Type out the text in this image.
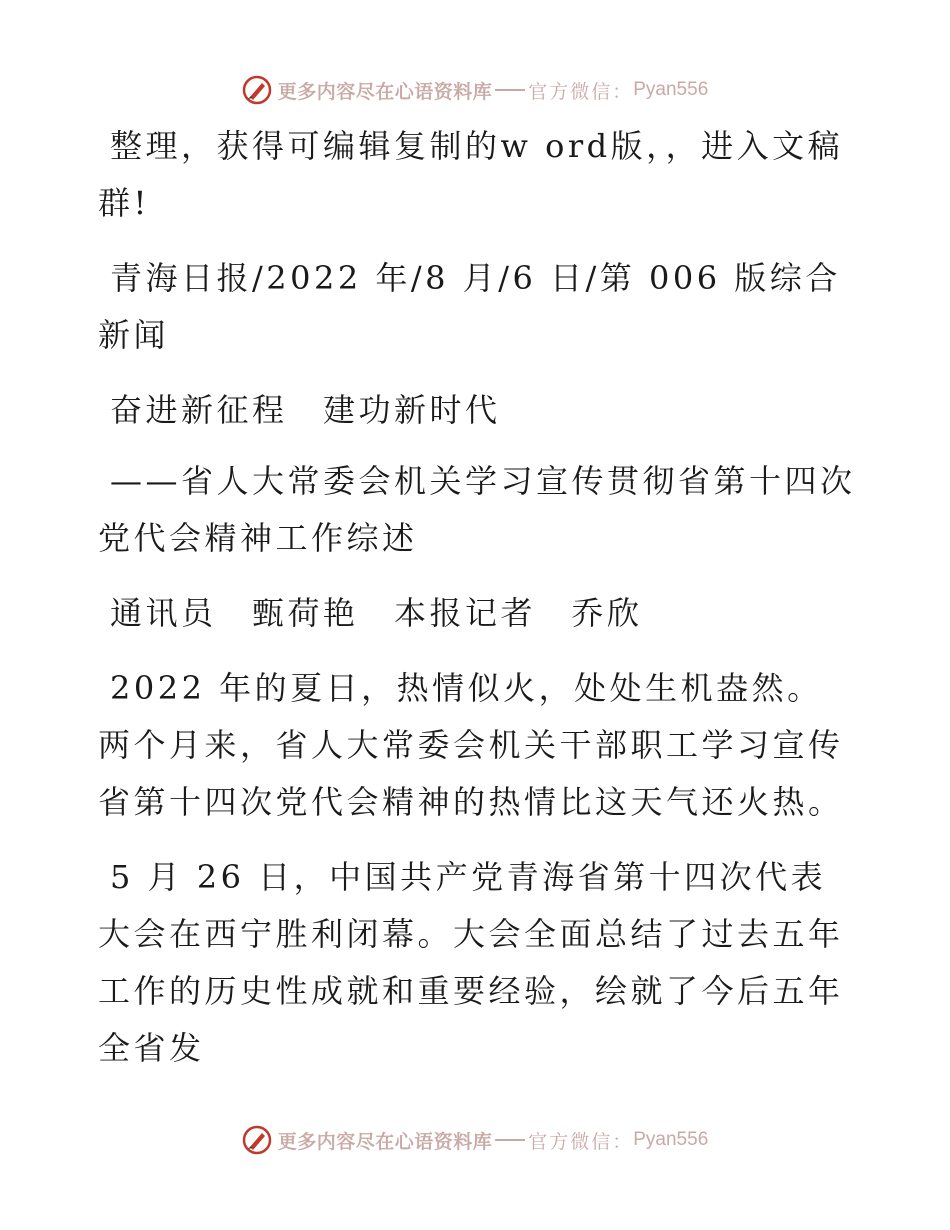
更多内容尽在心语资料库 官方微信： Pyan556

整理，获得可编辑复制的w ord版，，进入文稿群!

青海日报/2022 年/8 月/6 日/第 006 版综合新闻

奋进新征程　建功新时代

——省人大常委会机关学习宣传贯彻省第十四次党代会精神工作综述

通讯员　甄荷艳　本报记者　乔欣

2022 年的夏日，热情似火，处处生机盎然。两个月来，省人大常委会机关干部职工学习宣传省第十四次党代会精神的热情比这天气还火热。

5 月 26 日，中国共产党青海省第十四次代表大会在西宁胜利闭幕。大会全面总结了过去五年工作的历史性成就和重要经验，绘就了今后五年全省发

更多内容尽在心语资料库 官方微信： Pyan556
